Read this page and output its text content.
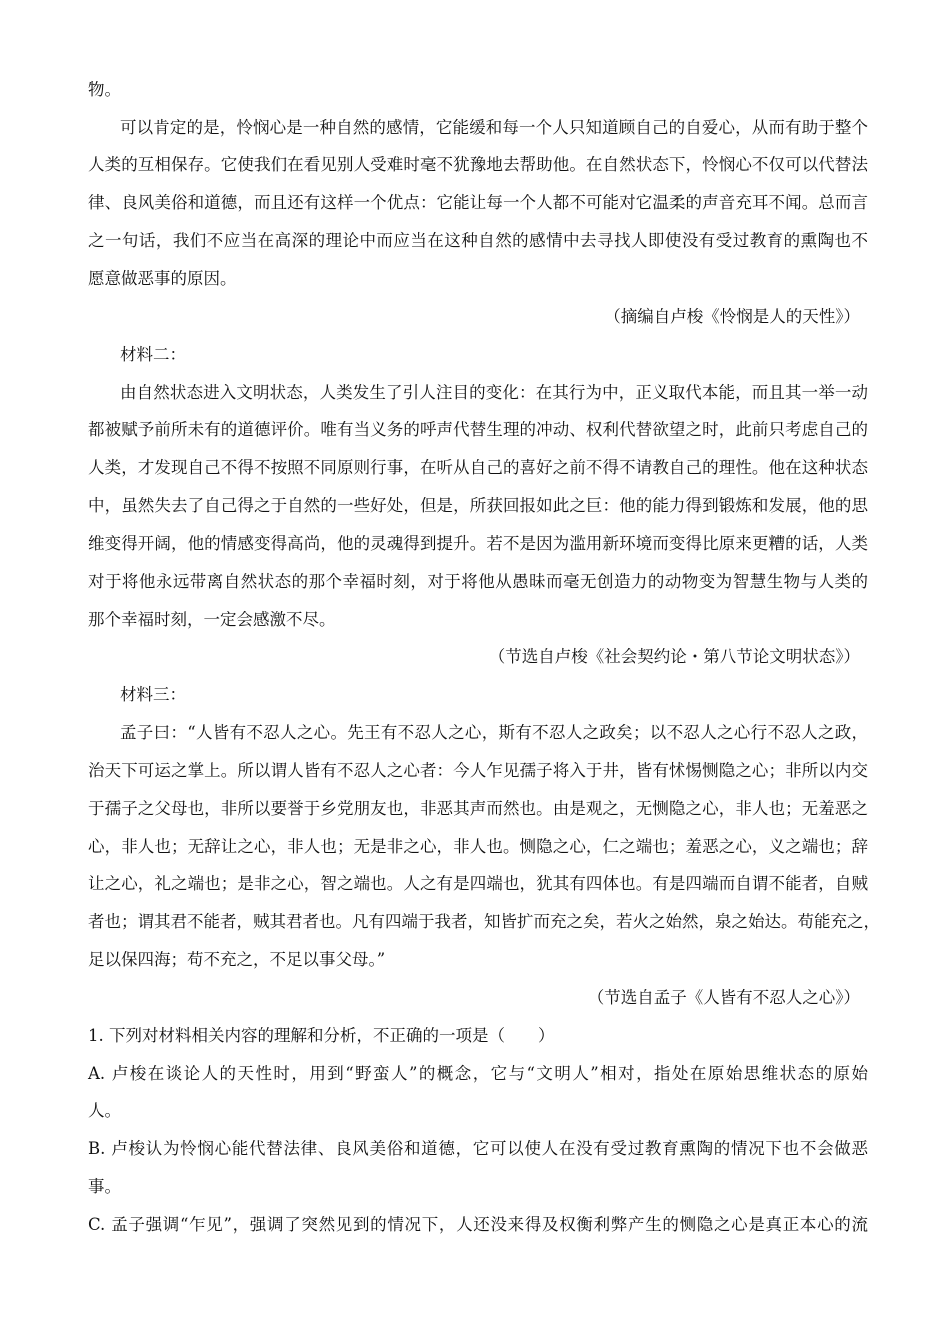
物。
可以肯定的是，怜悯心是一种自然的感情，它能缓和每一个人只知道顾自己的自爱心，从而有助于整个
人类的互相保存。它使我们在看见别人受难时毫不犹豫地去帮助他。在自然状态下，怜悯心不仅可以代替法
律、良风美俗和道德，而且还有这样一个优点：它能让每一个人都不可能对它温柔的声音充耳不闻。总而言
之一句话，我们不应当在高深的理论中而应当在这种自然的感情中去寻找人即使没有受过教育的熏陶也不
愿意做恶事的原因。
（摘编自卢梭《怜悯是人的天性》）
材料二：
由自然状态进入文明状态，人类发生了引人注目的变化：在其行为中，正义取代本能，而且其一举一动
都被赋予前所未有的道德评价。唯有当义务的呼声代替生理的冲动、权利代替欲望之时，此前只考虑自己的
人类，才发现自己不得不按照不同原则行事，在听从自己的喜好之前不得不请教自己的理性。他在这种状态
中，虽然失去了自己得之于自然的一些好处，但是，所获回报如此之巨：他的能力得到锻炼和发展，他的思
维变得开阔，他的情感变得高尚，他的灵魂得到提升。若不是因为滥用新环境而变得比原来更糟的话，人类
对于将他永远带离自然状态的那个幸福时刻，对于将他从愚昧而毫无创造力的动物变为智慧生物与人类的
那个幸福时刻，一定会感激不尽。
（节选自卢梭《社会契约论・第八节论文明状态》）
材料三：
孟子曰：“人皆有不忍人之心。先王有不忍人之心，斯有不忍人之政矣；以不忍人之心行不忍人之政，
治天下可运之掌上。所以谓人皆有不忍人之心者：今人乍见孺子将入于井，皆有怵惕恻隐之心；非所以内交
于孺子之父母也，非所以要誉于乡党朋友也，非恶其声而然也。由是观之，无恻隐之心，非人也；无羞恶之
心，非人也；无辞让之心，非人也；无是非之心，非人也。恻隐之心，仁之端也；羞恶之心，义之端也；辞
让之心，礼之端也；是非之心，智之端也。人之有是四端也，犹其有四体也。有是四端而自谓不能者，自贼
者也；谓其君不能者，贼其君者也。凡有四端于我者，知皆扩而充之矣，若火之始然，泉之始达。苟能充之，
足以保四海；苟不充之，不足以事父母。”
（节选自孟子《人皆有不忍人之心》）
1. 下列对材料相关内容的理解和分析，不正确的一项是（　　）
A. 卢梭在谈论人的天性时，用到“野蛮人”的概念，它与“文明人”相对，指处在原始思维状态的原始
人。
B. 卢梭认为怜悯心能代替法律、良风美俗和道德，它可以使人在没有受过教育熏陶的情况下也不会做恶
事。
C. 孟子强调“乍见”，强调了突然见到的情况下，人还没来得及权衡利弊产生的恻隐之心是真正本心的流
